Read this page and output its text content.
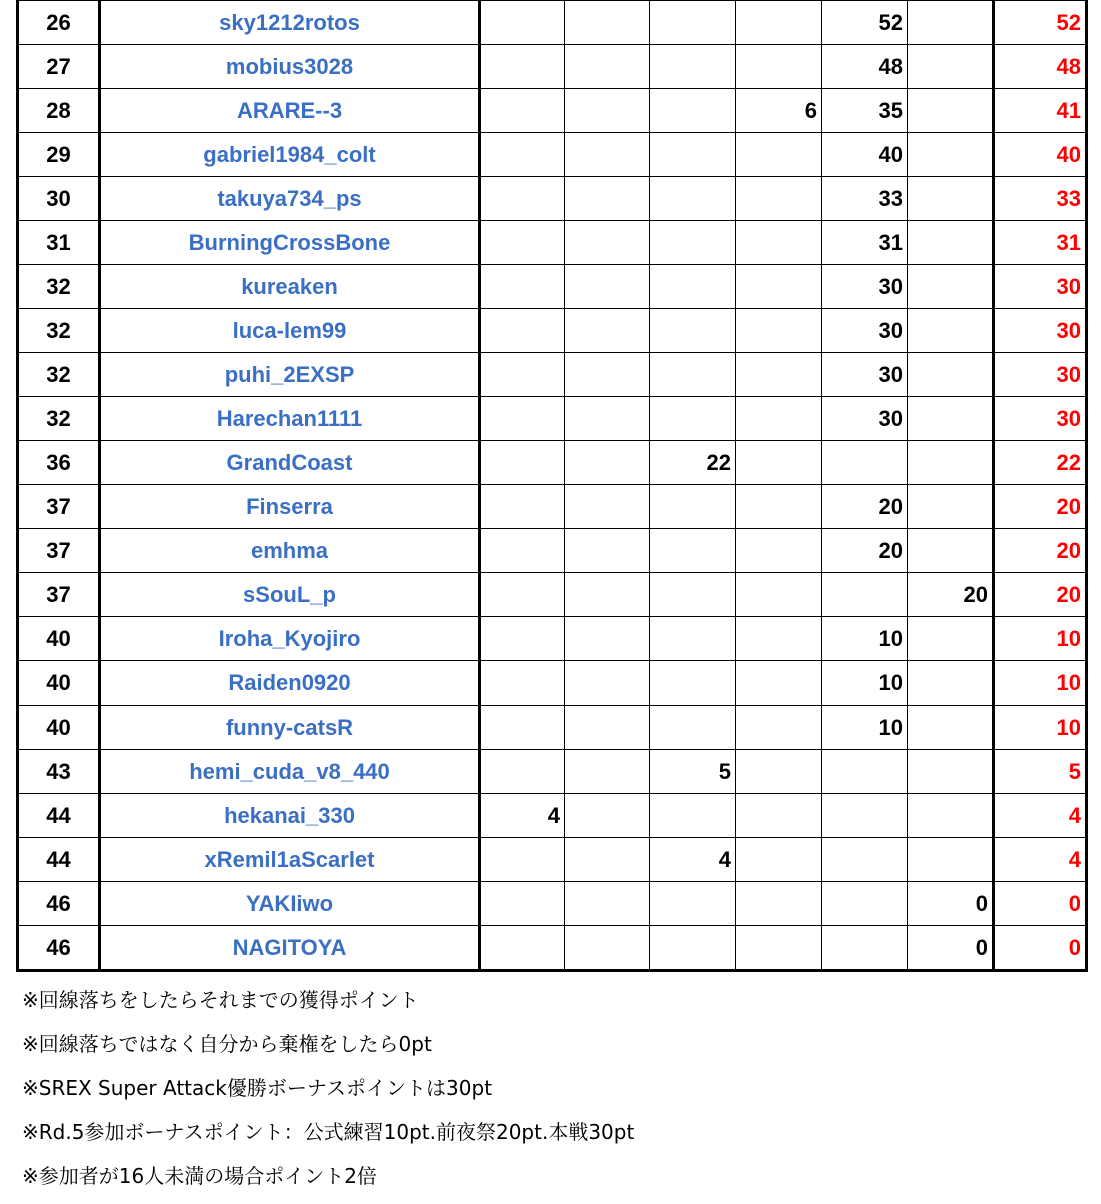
26	sky1212rotos					52		52
27	mobius3028					48		48
28	ARARE--3				6	35		41
29	gabriel1984_colt					40		40
30	takuya734_ps					33		33
31	BurningCrossBone					31		31
32	kureaken					30		30
32	luca-lem99					30		30
32	puhi_2EXSP					30		30
32	Harechan1111					30		30
36	GrandCoast			22				22
37	Finserra					20		20
37	emhma					20		20
37	sSouL_p						20	20
40	Iroha_Kyojiro					10		10
40	Raiden0920					10		10
40	funny-catsR					10		10
43	hemi_cuda_v8_440			5				5
44	hekanai_330	4						4
44	xRemil1aScarlet			4				4
46	YAKIiwo						0	0
46	NAGITOYA						0	0
※回線落ちをしたらそれまでの獲得ポイント
※回線落ちではなく自分から棄権をしたら0pt
※SREX Super Attack優勝ボーナスポイントは30pt
※Rd.5参加ボーナスポイント：公式練習10pt.前夜祭20pt.本戦30pt
※参加者が16人未満の場合ポイント2倍
